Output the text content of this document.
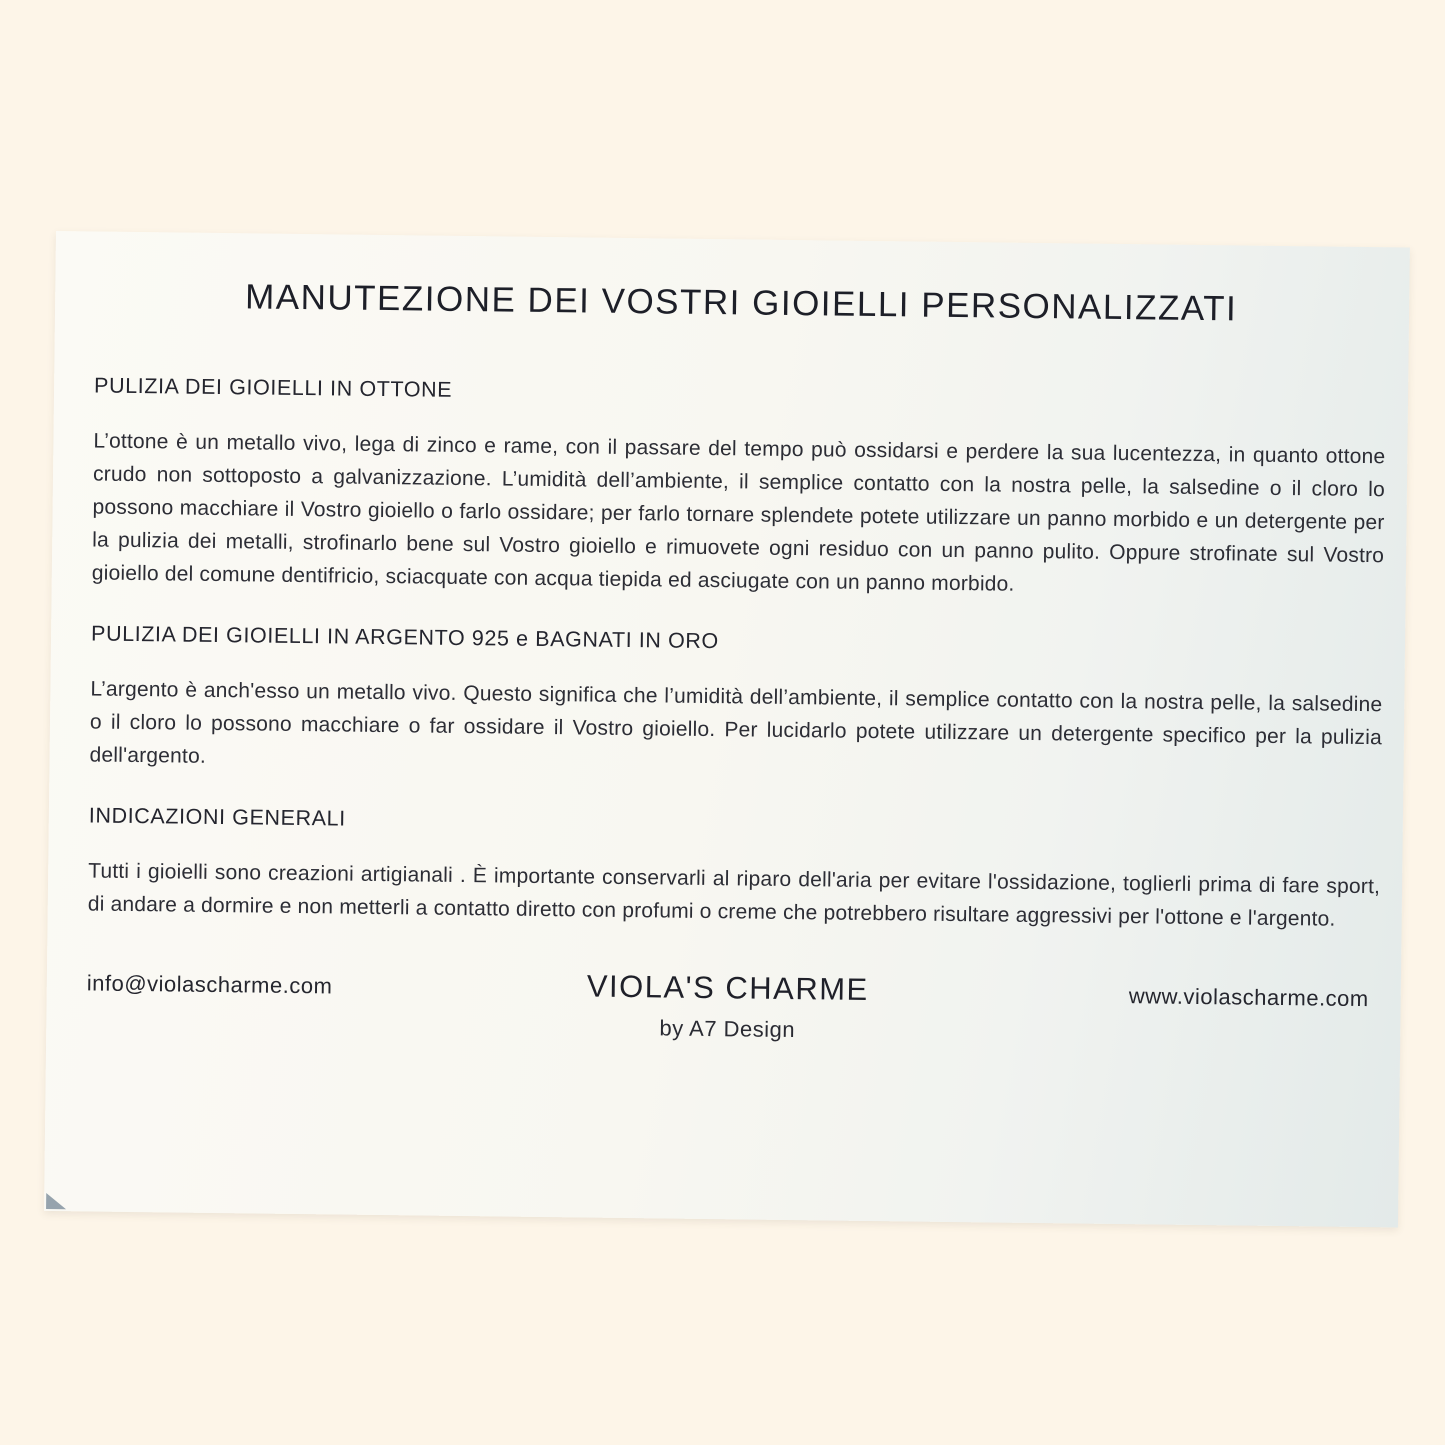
MANUTEZIONE DEI VOSTRI GIOIELLI PERSONALIZZATI
PULIZIA DEI GIOIELLI IN OTTONE

L’ottone è un metallo vivo, lega di zinco e rame, con il passare del tempo può ossidarsi e perdere la sua lucentezza, in quanto ottone crudo non sottoposto a galvanizzazione. L’umidità dell’ambiente, il semplice contatto con la nostra pelle, la salsedine o il cloro lo possono macchiare il Vostro gioiello o farlo ossidare; per farlo tornare splendete potete utilizzare un panno morbido e un detergente per la pulizia dei metalli, strofinarlo bene sul Vostro gioiello e rimuovete ogni residuo con un panno pulito. Oppure strofinate sul Vostro gioiello del comune dentifricio, sciacquate con acqua tiepida ed asciugate con un panno morbido.

PULIZIA DEI GIOIELLI IN ARGENTO 925 e BAGNATI IN ORO

L’argento è anch'esso un metallo vivo. Questo significa che l’umidità dell’ambiente, il semplice contatto con la nostra pelle, la salsedine o il cloro lo possono macchiare o far ossidare il Vostro gioiello. Per lucidarlo potete utilizzare un detergente specifico per la pulizia dell'argento.

INDICAZIONI GENERALI

Tutti i gioielli sono creazioni artigianali . È importante conservarli al riparo dell'aria per evitare l'ossidazione, toglierli prima di fare sport, di andare a dormire e non metterli a contatto diretto con profumi o creme che potrebbero risultare aggressivi per l'ottone e l'argento.

info@violascharme.com	VIOLA'S CHARME
by A7 Design
www.violascharme.com
